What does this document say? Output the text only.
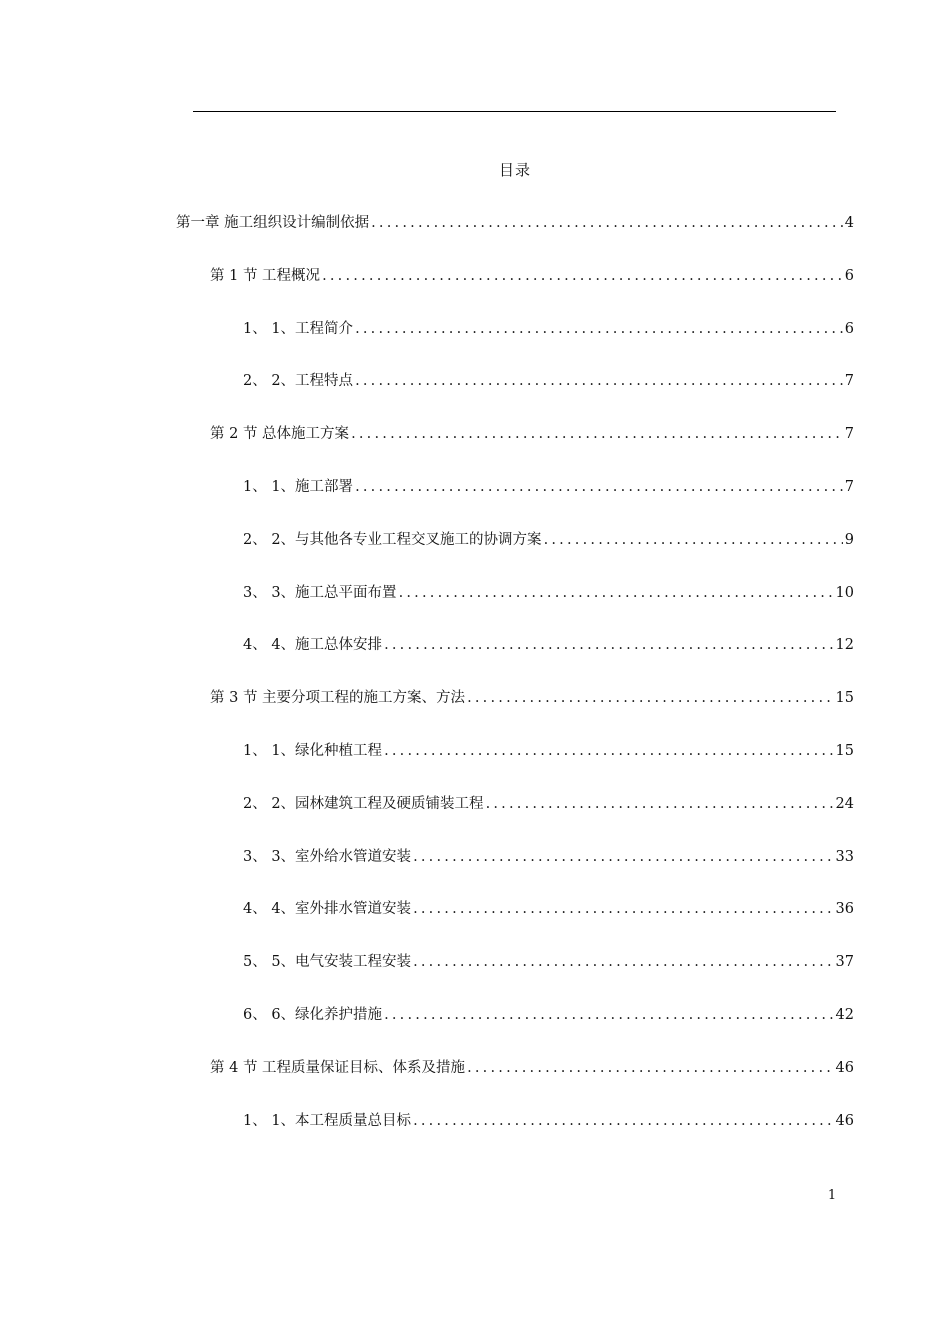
目录
第一章 施工组织设计编制依据 .....	4
第 1 节 工程概况 .....	6
1、 1、工程简介 .....	6
2、 2、工程特点 .....	7
第 2 节 总体施工方案 .....	7
1、 1、施工部署 .....	7
2、 2、与其他各专业工程交叉施工的协调方案 .....	9
3、 3、施工总平面布置 .....	10
4、 4、施工总体安排 .....	12
第 3 节 主要分项工程的施工方案、方法 .....	15
1、 1、绿化种植工程 .....	15
2、 2、园林建筑工程及硬质铺装工程 .....	24
3、 3、室外给水管道安装 .....	33
4、 4、室外排水管道安装 .....	36
5、 5、电气安装工程安装 .....	37
6、 6、绿化养护措施 .....	42
第 4 节 工程质量保证目标、体系及措施 .....	46
1、 1、本工程质量总目标 .....	46
1
